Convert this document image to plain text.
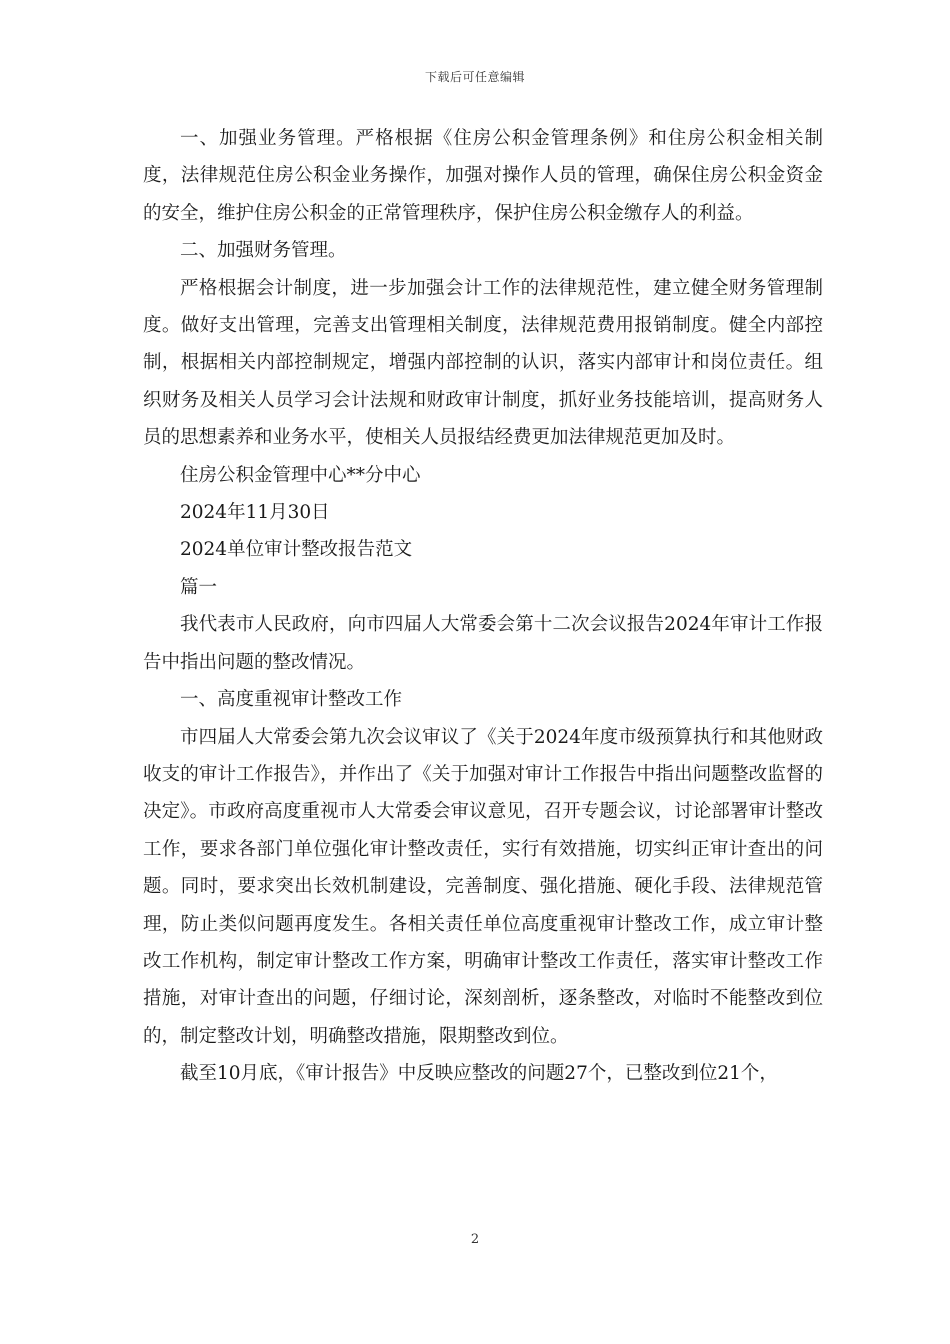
下载后可任意编辑

一、加强业务管理。严格根据《住房公积金管理条例》和住房公积金相关制度，法律规范住房公积金业务操作，加强对操作人员的管理，确保住房公积金资金的安全，维护住房公积金的正常管理秩序，保护住房公积金缴存人的利益。

二、加强财务管理。

严格根据会计制度，进一步加强会计工作的法律规范性，建立健全财务管理制度。做好支出管理，完善支出管理相关制度，法律规范费用报销制度。健全内部控制，根据相关内部控制规定，增强内部控制的认识，落实内部审计和岗位责任。组织财务及相关人员学习会计法规和财政审计制度，抓好业务技能培训，提高财务人员的思想素养和业务水平，使相关人员报结经费更加法律规范更加及时。

住房公积金管理中心**分中心

2024年11月30日

2024单位审计整改报告范文

篇一

我代表市人民政府，向市四届人大常委会第十二次会议报告2024年审计工作报告中指出问题的整改情况。

一、高度重视审计整改工作

市四届人大常委会第九次会议审议了《关于2024年度市级预算执行和其他财政收支的审计工作报告》，并作出了《关于加强对审计工作报告中指出问题整改监督的决定》。市政府高度重视市人大常委会审议意见，召开专题会议，讨论部署审计整改工作，要求各部门单位强化审计整改责任，实行有效措施，切实纠正审计查出的问题。同时，要求突出长效机制建设，完善制度、强化措施、硬化手段、法律规范管理，防止类似问题再度发生。各相关责任单位高度重视审计整改工作，成立审计整改工作机构，制定审计整改工作方案，明确审计整改工作责任，落实审计整改工作措施，对审计查出的问题，仔细讨论，深刻剖析，逐条整改，对临时不能整改到位的，制定整改计划，明确整改措施，限期整改到位。

截至10月底，《审计报告》中反映应整改的问题27个，已整改到位21个，

2
